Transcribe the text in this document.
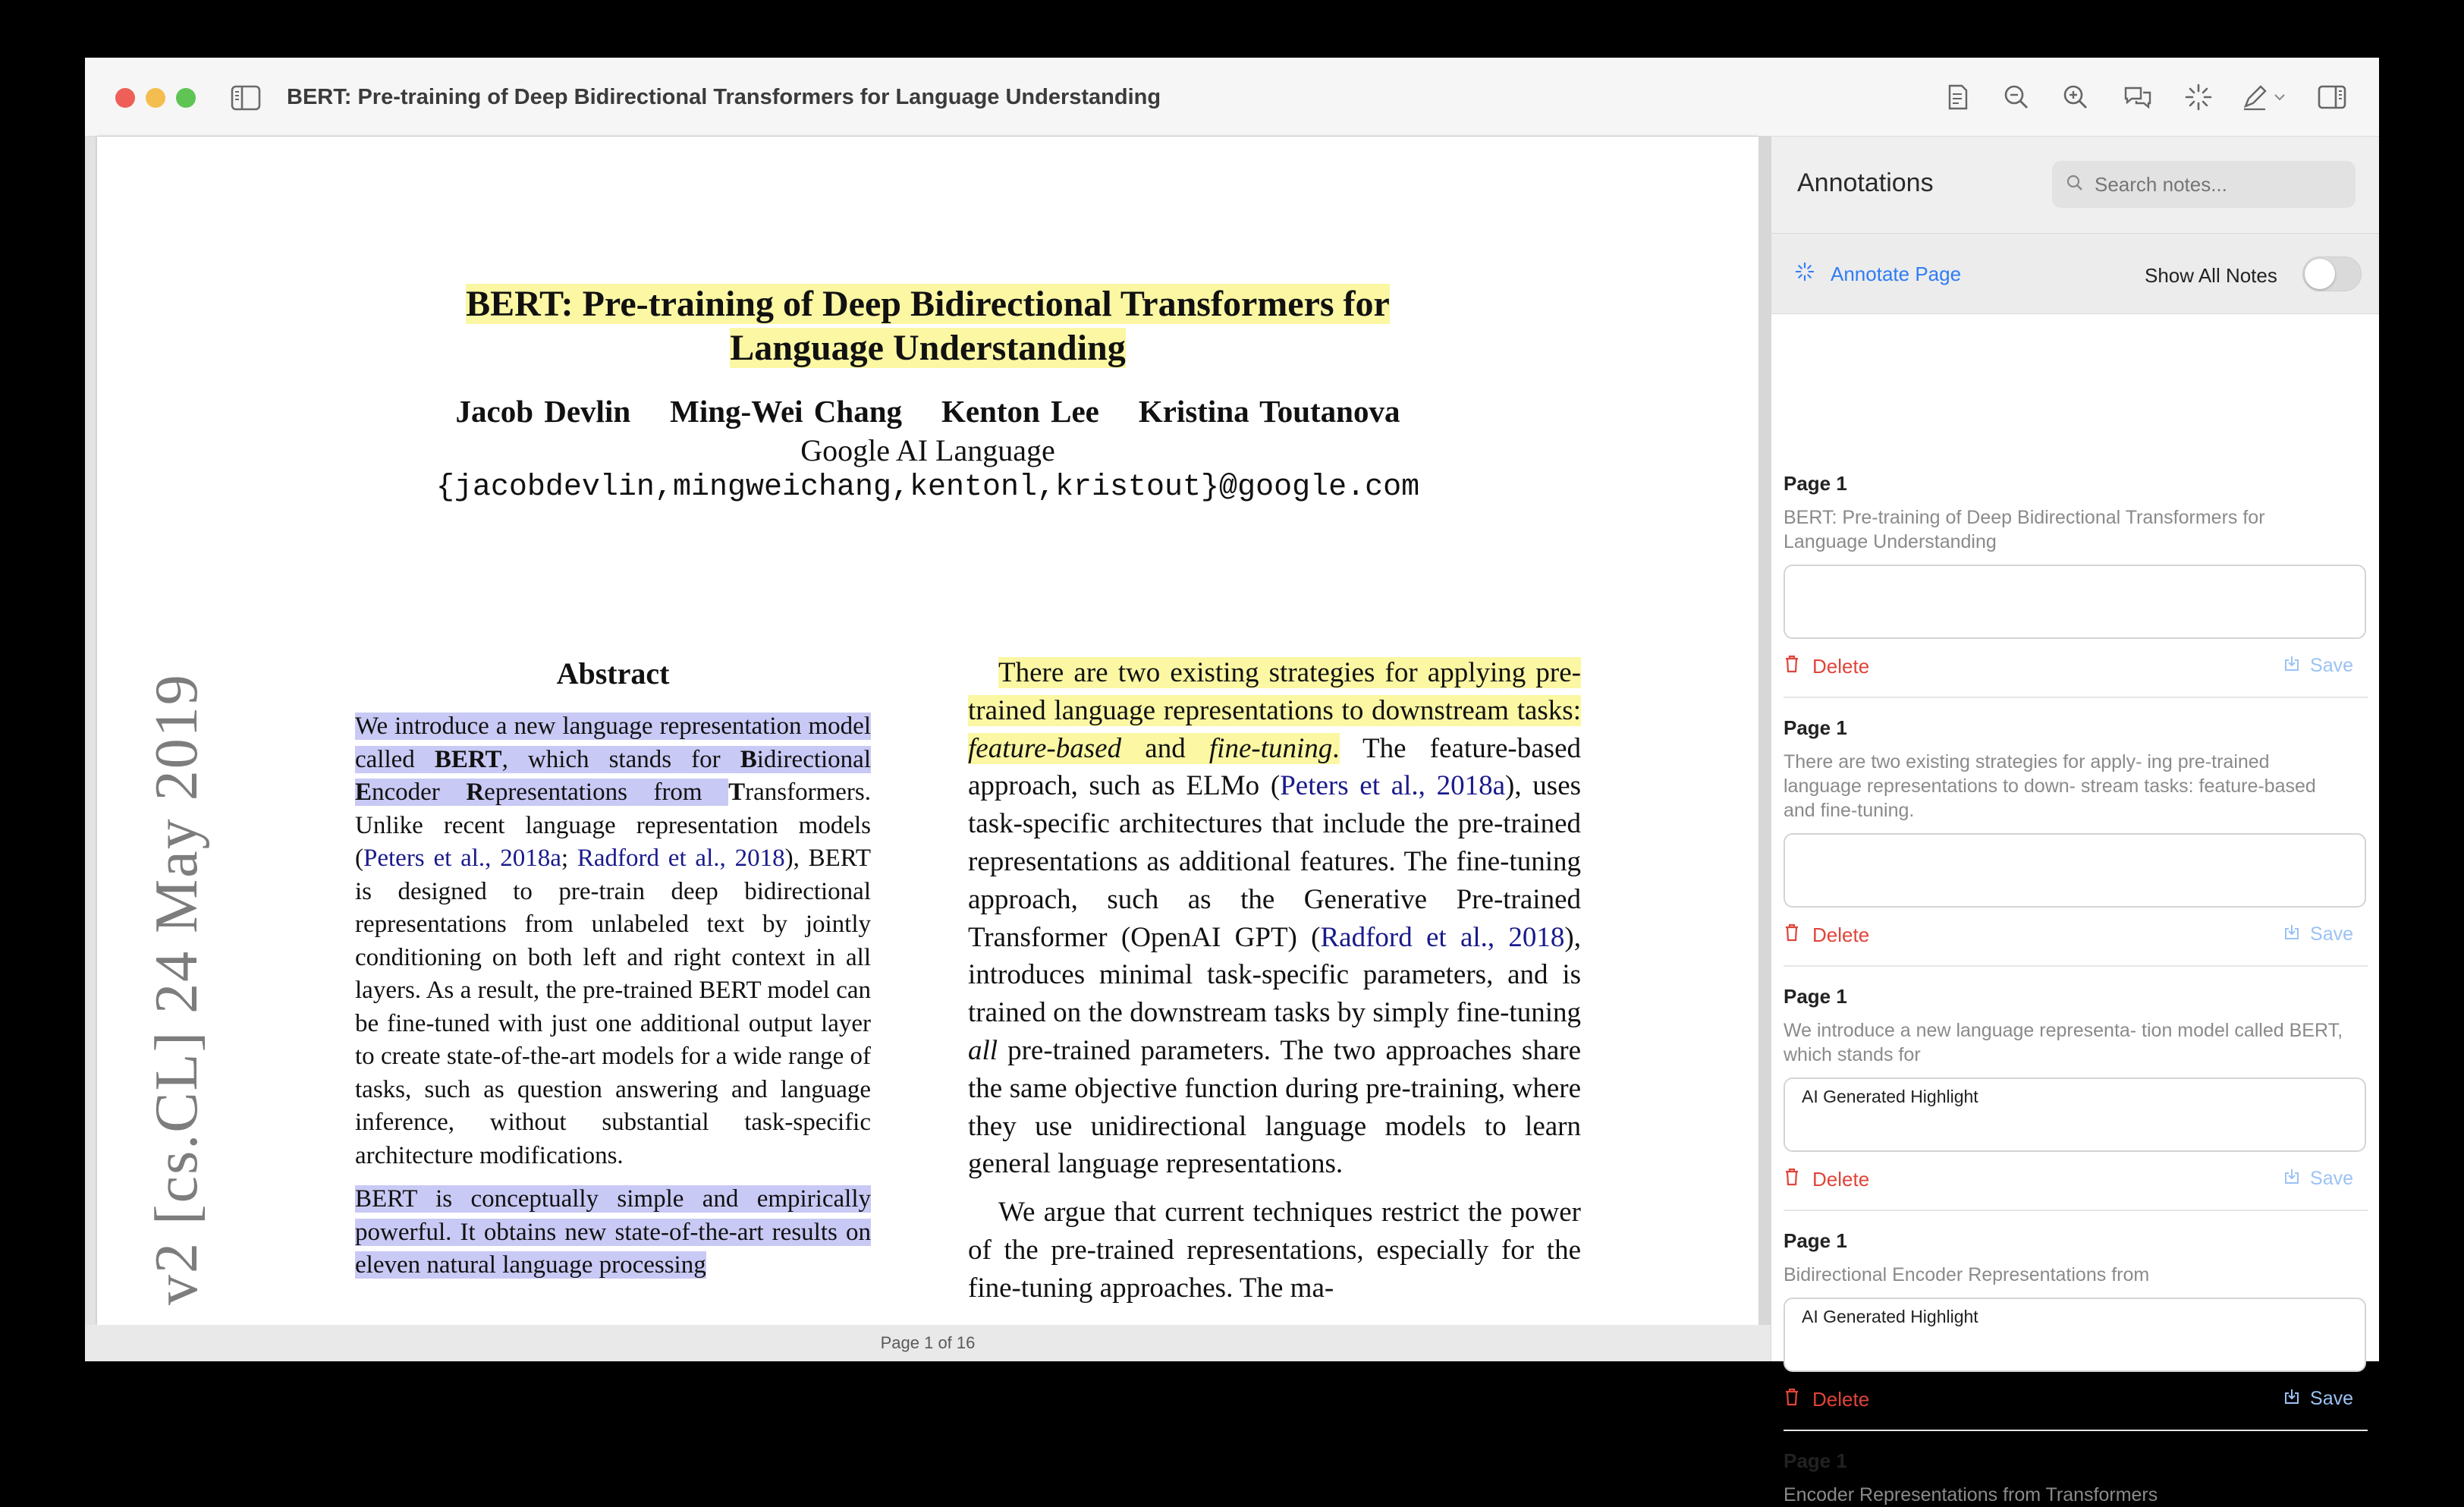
BERT: Pre-training of Deep Bidirectional Transformers for Language Understanding
BERT: Pre-training of Deep Bidirectional Transformers for
Language Understanding
Jacob Devlin Ming-Wei Chang Kenton Lee Kristina Toutanova
Google AI Language
{jacobdevlin,mingweichang,kentonl,kristout}@google.com
v2 [cs.CL] 24 May 2019	Abstract

We introduce a new language representation model called BERT, which stands for Bidirectional Encoder Representations from Transformers. Unlike recent language representation models (Peters et al., 2018a; Radford et al., 2018), BERT is designed to pre-train deep bidirectional representations from unlabeled text by jointly conditioning on both left and right context in all layers. As a result, the pre-trained BERT model can be fine-tuned with just one additional output layer to create state-of-the-art models for a wide range of tasks, such as question answering and language inference, without substantial task-specific architecture modifications.

BERT is conceptually simple and empirically powerful. It obtains new state-of-the-art results on eleven natural language processing

There are two existing strategies for applying pre-trained language representations to downstream tasks: feature-based and fine-tuning. The feature-based approach, such as ELMo (Peters et al., 2018a), uses task-specific architectures that include the pre-trained representations as additional features. The fine-tuning approach, such as the Generative Pre-trained Transformer (OpenAI GPT) (Radford et al., 2018), introduces minimal task-specific parameters, and is trained on the downstream tasks by simply fine-tuning all pre-trained parameters. The two approaches share the same objective function during pre-training, where they use unidirectional language models to learn general language representations.

We argue that current techniques restrict the power of the pre-trained representations, especially for the fine-tuning approaches. The ma-

Page 1 of 16
Annotations
Search notes...
Annotate Page	Show All Notes
Page 1
BERT: Pre-training of Deep Bidirectional Transformers for Language Understanding
Delete	Save
Page 1
There are two existing strategies for apply- ing pre-trained language representations to down- stream tasks: feature-based and fine-tuning.
Delete	Save
Page 1
We introduce a new language representa- tion model called BERT, which stands for
AI Generated Highlight
Delete	Save
Page 1
Bidirectional Encoder Representations from
AI Generated Highlight
Delete	Save
Page 1
Encoder Representations from Transformers
